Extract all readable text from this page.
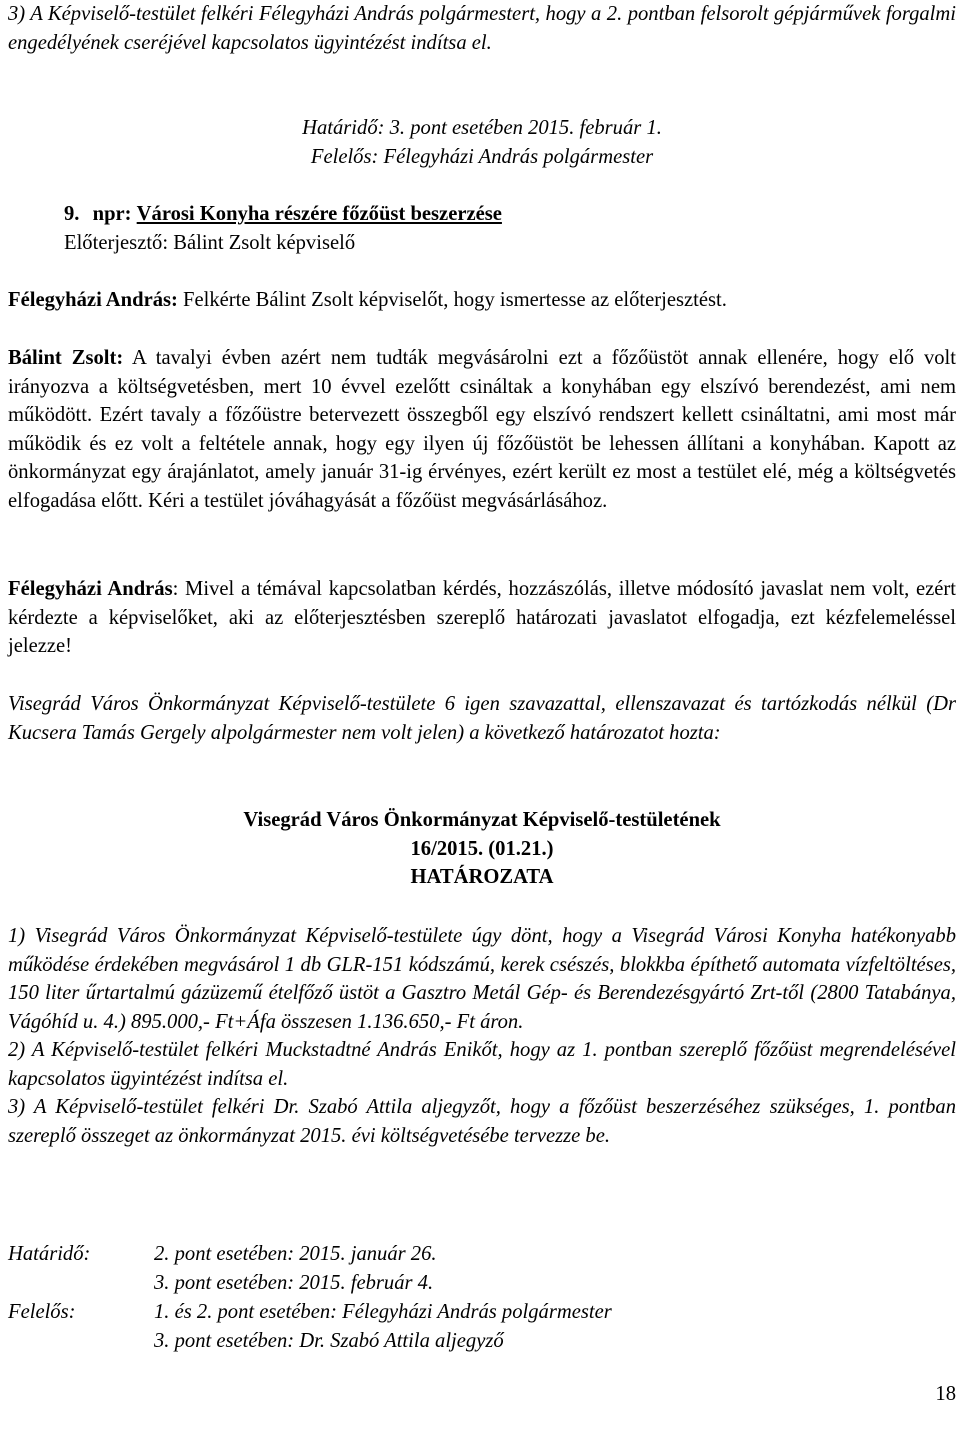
3) A Képviselő-testület felkéri Félegyházi András polgármestert, hogy a 2. pontban felsorolt gépjárművek forgalmi engedélyének cseréjével kapcsolatos ügyintézést indítsa el.

Határidő: 3. pont esetében 2015. február 1.

Felelős: Félegyházi András polgármester

9. npr: Városi Konyha részére főzőüst beszerzése
Előterjesztő: Bálint Zsolt képviselő

Félegyházi András: Felkérte Bálint Zsolt képviselőt, hogy ismertesse az előterjesztést.

Bálint Zsolt: A tavalyi évben azért nem tudták megvásárolni ezt a főzőüstöt annak ellenére, hogy elő volt irányozva a költségvetésben, mert 10 évvel ezelőtt csináltak a konyhában egy elszívó berendezést, ami nem működött. Ezért tavaly a főzőüstre betervezett összegből egy elszívó rendszert kellett csináltatni, ami most már működik és ez volt a feltétele annak, hogy egy ilyen új főzőüstöt be lehessen állítani a konyhában. Kapott az önkormányzat egy árajánlatot, amely január 31-ig érvényes, ezért került ez most a testület elé, még a költségvetés elfogadása előtt. Kéri a testület jóváhagyását a főzőüst megvásárlásához.

Félegyházi András: Mivel a témával kapcsolatban kérdés, hozzászólás, illetve módosító javaslat nem volt, ezért kérdezte a képviselőket, aki az előterjesztésben szereplő határozati javaslatot elfogadja, ezt kézfelemeléssel jelezze!

Visegrád Város Önkormányzat Képviselő-testülete 6 igen szavazattal, ellenszavazat és tartózkodás nélkül (Dr Kucsera Tamás Gergely alpolgármester nem volt jelen) a következő határozatot hozta:

Visegrád Város Önkormányzat Képviselő-testületének

16/2015. (01.21.)

HATÁROZATA

1) Visegrád Város Önkormányzat Képviselő-testülete úgy dönt, hogy a Visegrád Városi Konyha hatékonyabb működése érdekében megvásárol 1 db GLR-151 kódszámú, kerek csészés, blokkba építhető automata vízfeltöltéses, 150 liter űrtartalmú gázüzemű ételfőző üstöt a Gasztro Metál Gép- és Berendezésgyártó Zrt-től (2800 Tatabánya, Vágóhíd u. 4.) 895.000,- Ft+Áfa összesen 1.136.650,- Ft áron.

2) A Képviselő-testület felkéri Muckstadtné András Enikőt, hogy az 1. pontban szereplő főzőüst megrendelésével kapcsolatos ügyintézést indítsa el.

3) A Képviselő-testület felkéri Dr. Szabó Attila aljegyzőt, hogy a főzőüst beszerzéséhez szükséges, 1. pontban szereplő összeget az önkormányzat 2015. évi költségvetésébe tervezze be.

Határidő:	2. pont esetében: 2015. január 26.
3. pont esetében: 2015. február 4.
Felelős:	1. és 2. pont esetében: Félegyházi András polgármester
3. pont esetében: Dr. Szabó Attila aljegyző
18
